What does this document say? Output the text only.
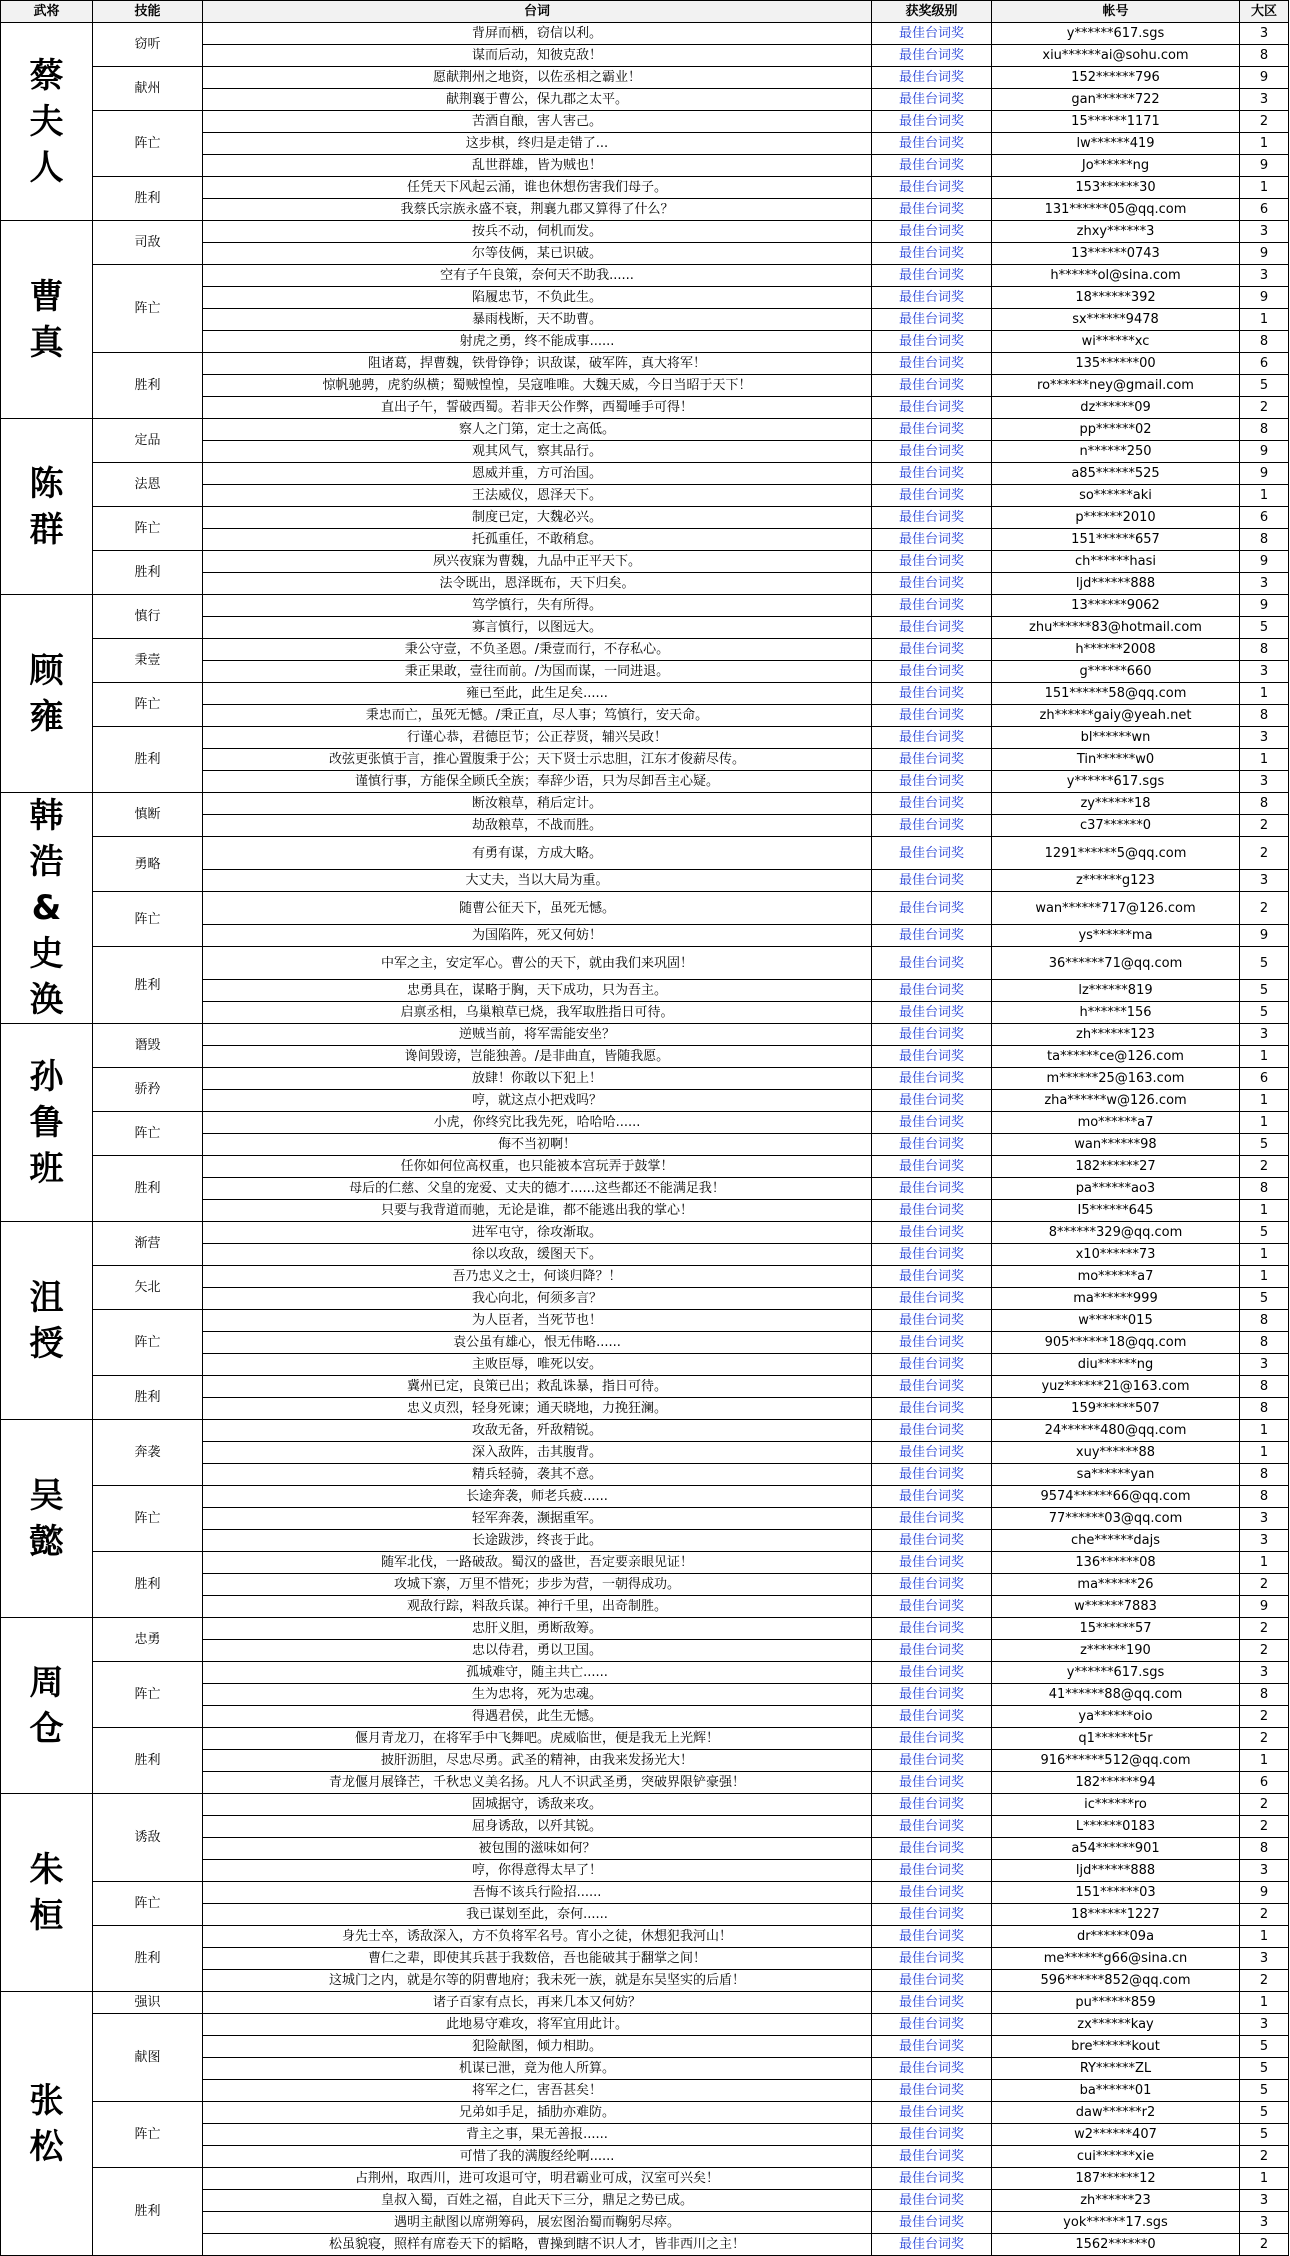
武将	技能	台词	获奖级别	帐号	大区

蔡
夫
人	窃听	背屏而栖，窃信以利。	最佳台词奖	y******617.sgs	3
		谋而后动，知彼克敌！	最佳台词奖	xiu******ai@sohu.com	8
	献州	愿献荆州之地资，以佐丞相之霸业！	最佳台词奖	152******796	9
		献荆襄于曹公，保九郡之太平。	最佳台词奖	gan******722	3
	阵亡	苦酒自酿，害人害己。	最佳台词奖	15******1171	2
		这步棋，终归是走错了...	最佳台词奖	lw******419	1
		乱世群雄，皆为贼也！	最佳台词奖	Jo******ng	9
	胜利	任凭天下风起云涌，谁也休想伤害我们母子。	最佳台词奖	153******30	1
		我蔡氏宗族永盛不衰，荆襄九郡又算得了什么？	最佳台词奖	131******05@qq.com	6

曹
真	司敌	按兵不动，伺机而发。	最佳台词奖	zhxy******3	3
		尔等伎俩，某已识破。	最佳台词奖	13******0743	9
	阵亡	空有子午良策，奈何天不助我......	最佳台词奖	h******ol@sina.com	3
		陷履忠节，不负此生。	最佳台词奖	18******392	9
		暴雨栈断，天不助曹。	最佳台词奖	sx******9478	1
		射虎之勇，终不能成事......	最佳台词奖	wi******xc	8
	胜利	阻诸葛，捍曹魏，铁骨铮铮；识敌谋，破军阵，真大将军！	最佳台词奖	135******00	6
		惊帆驰骋，虎豹纵横；蜀贼惶惶，吴寇唯唯。大魏天威，今日当昭于天下！	最佳台词奖	ro******ney@gmail.com	5
		直出子午，誓破西蜀。若非天公作弊，西蜀唾手可得！	最佳台词奖	dz******09	2

陈
群	定品	察人之门第，定士之高低。	最佳台词奖	pp******02	8
		观其风气，察其品行。	最佳台词奖	n******250	9
	法恩	恩威并重，方可治国。	最佳台词奖	a85******525	9
		王法威仪，恩泽天下。	最佳台词奖	so******aki	1
	阵亡	制度已定，大魏必兴。	最佳台词奖	p******2010	6
		托孤重任，不敢稍怠。	最佳台词奖	151******657	8
	胜利	夙兴夜寐为曹魏，九品中正平天下。	最佳台词奖	ch******hasi	9
		法令既出，恩泽既布，天下归矣。	最佳台词奖	ljd******888	3

顾
雍	慎行	笃学慎行，失有所得。	最佳台词奖	13******9062	9
		寡言慎行，以图远大。	最佳台词奖	zhu******83@hotmail.com	5
	秉壹	秉公守壹，不负圣恩。/秉壹而行，不存私心。	最佳台词奖	h******2008	8
		秉正果敢，壹往而前。/为国而谋，一同进退。	最佳台词奖	g******660	3
	阵亡	雍已至此，此生足矣......	最佳台词奖	151******58@qq.com	1
		秉忠而亡，虽死无憾。/秉正直，尽人事；笃慎行，安天命。	最佳台词奖	zh******gaiy@yeah.net	8
	胜利	行谨心恭，君德臣节；公正荐贤，辅兴吴政！	最佳台词奖	bl******wn	3
		改弦更张慎于言，推心置腹秉于公；天下贤士示忠胆，江东才俊薪尽传。	最佳台词奖	Tin******w0	1
		谨慎行事，方能保全顾氏全族；奉辞少语，只为尽卸吾主心疑。	最佳台词奖	y******617.sgs	3

韩
浩
&
史
涣	慎断	断汝粮草，稍后定计。	最佳台词奖	zy******18	8
		劫敌粮草，不战而胜。	最佳台词奖	c37******0	2
	勇略	有勇有谋，方成大略。	最佳台词奖	1291******5@qq.com	2
		大丈夫，当以大局为重。	最佳台词奖	z******g123	3
	阵亡	随曹公征天下，虽死无憾。	最佳台词奖	wan******717@126.com	2
		为国陷阵，死又何妨！	最佳台词奖	ys******ma	9
	胜利	中军之主，安定军心。曹公的天下，就由我们来巩固！	最佳台词奖	36******71@qq.com	5
		忠勇具在，谋略于胸，天下成功，只为吾主。	最佳台词奖	lz******819	5
		启禀丞相，乌巢粮草已烧，我军取胜指日可待。	最佳台词奖	h******156	5

孙
鲁
班	谮毁	逆贼当前，将军需能安坐？	最佳台词奖	zh******123	3
		谗间毁谤，岂能独善。/是非曲直，皆随我愿。	最佳台词奖	ta******ce@126.com	1
	骄矜	放肆！你敢以下犯上！	最佳台词奖	m******25@163.com	6
		哼，就这点小把戏吗？	最佳台词奖	zha******w@126.com	1
	阵亡	小虎，你终究比我先死，哈哈哈......	最佳台词奖	mo******a7	1
		侮不当初啊！	最佳台词奖	wan******98	5
	胜利	任你如何位高权重，也只能被本宫玩弄于鼓掌！	最佳台词奖	182******27	2
		母后的仁慈、父皇的宠爱、丈夫的德才......这些都还不能满足我！	最佳台词奖	pa******ao3	8
		只要与我背道而驰，无论是谁，都不能逃出我的掌心！	最佳台词奖	I5******645	1

沮
授	渐营	进军屯守，徐攻渐取。	最佳台词奖	8******329@qq.com	5
		徐以攻敌，缓图天下。	最佳台词奖	x10******73	1
	矢北	吾乃忠义之士，何谈归降？！	最佳台词奖	mo******a7	1
		我心向北，何须多言？	最佳台词奖	ma******999	5
	阵亡	为人臣者，当死节也！	最佳台词奖	w******015	8
		袁公虽有雄心，恨无伟略......	最佳台词奖	905******18@qq.com	8
		主败臣辱，唯死以安。	最佳台词奖	diu******ng	3
	胜利	冀州已定，良策已出；救乱诛暴，指日可待。	最佳台词奖	yuz******21@163.com	8
		忠义贞烈，轻身死谏；通天晓地，力挽狂澜。	最佳台词奖	159******507	8

吴
懿	奔袭	攻敌无备，歼敌精锐。	最佳台词奖	24******480@qq.com	1
		深入敌阵，击其腹背。	最佳台词奖	xuy******88	1
		精兵轻骑，袭其不意。	最佳台词奖	sa******yan	8
	阵亡	长途奔袭，师老兵疲......	最佳台词奖	9574******66@qq.com	8
		轻军奔袭，濒据重军。	最佳台词奖	77******03@qq.com	3
		长途跋涉，终丧于此。	最佳台词奖	che******dajs	3
	胜利	随军北伐，一路破敌。蜀汉的盛世，吾定要亲眼见证！	最佳台词奖	136******08	1
		攻城下寨，万里不惜死；步步为营，一朝得成功。	最佳台词奖	ma******26	2
		观敌行踪，料敌兵谋。神行千里，出奇制胜。	最佳台词奖	w******7883	9

周
仓	忠勇	忠肝义胆，勇断敌筹。	最佳台词奖	15******57	2
		忠以侍君，勇以卫国。	最佳台词奖	z******190	2
	阵亡	孤城难守，随主共亡......	最佳台词奖	y******617.sgs	3
		生为忠将，死为忠魂。	最佳台词奖	41******88@qq.com	8
		得遇君侯，此生无憾。	最佳台词奖	ya******oio	2
	胜利	偃月青龙刀，在将军手中飞舞吧。虎威临世，便是我无上光辉！	最佳台词奖	q1******t5r	2
		披肝沥胆，尽忠尽勇。武圣的精神，由我来发扬光大！	最佳台词奖	916******512@qq.com	1
		青龙偃月展锋芒，千秋忠义美名扬。凡人不识武圣勇，突破界限铲豪强！	最佳台词奖	182******94	6

朱
桓	诱敌	固城据守，诱敌来攻。	最佳台词奖	ic******ro	2
		屈身诱敌，以歼其锐。	最佳台词奖	L******0183	2
		被包围的滋味如何？	最佳台词奖	a54******901	8
		哼，你得意得太早了！	最佳台词奖	ljd******888	3
	阵亡	吾悔不该兵行险招......	最佳台词奖	151******03	9
		我已谋划至此，奈何......	最佳台词奖	18******1227	2
	胜利	身先士卒，诱敌深入，方不负将军名号。宵小之徒，休想犯我河山！	最佳台词奖	dr******09a	1
		曹仁之辈，即使其兵甚于我数倍，吾也能破其于翻掌之间！	最佳台词奖	me******g66@sina.cn	3
		这城门之内，就是尔等的阴曹地府；我未死一族，就是东吴坚实的后盾！	最佳台词奖	596******852@qq.com	2

张
松	强识	诸子百家有点长，再来几本又何妨？	最佳台词奖	pu******859	1
	献图	此地易守难攻，将军宜用此计。	最佳台词奖	zx******kay	3
		犯险献图，倾力相助。	最佳台词奖	bre******kout	5
		机谋已泄，竟为他人所算。	最佳台词奖	RY******ZL	5
		将军之仁，害吾甚矣！	最佳台词奖	ba******01	5
	阵亡	兄弟如手足，插肋亦难防。	最佳台词奖	daw******r2	5
		背主之事，果无善报......	最佳台词奖	w2******407	5
		可惜了我的满腹经纶啊......	最佳台词奖	cui******xie	2
	胜利	占荆州，取西川，进可攻退可守，明君霸业可成，汉室可兴矣！	最佳台词奖	187******12	1
		皇叔入蜀，百姓之福，自此天下三分，鼎足之势已成。	最佳台词奖	zh******23	3
		遇明主献图以席朔筹码，展宏图治蜀而鞠躬尽瘁。	最佳台词奖	yok******17.sgs	3
		松虽貌寝，照样有席卷天下的韬略，曹操到瞎不识人才，皆非西川之主！	最佳台词奖	1562******0	2
